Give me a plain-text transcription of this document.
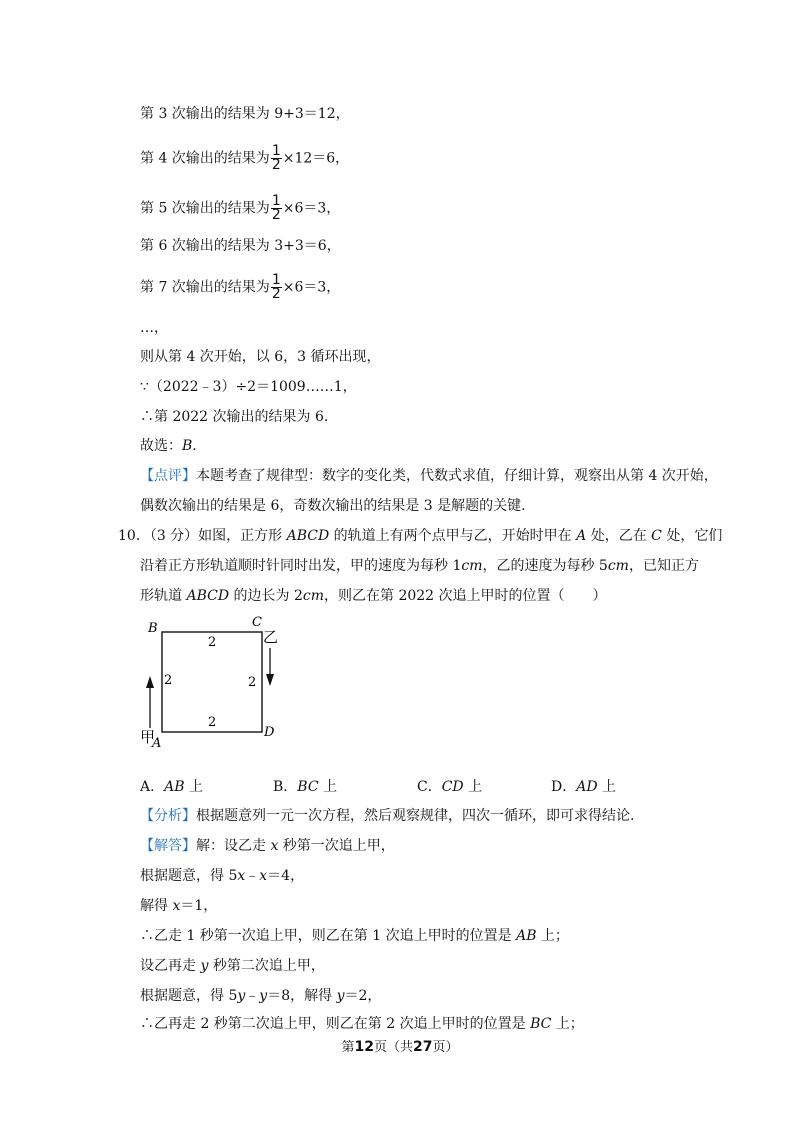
第 3 次输出的结果为 9+3＝12，
第 4 次输出的结果为 $\frac{1}{2} \times 12=6$，
第 5 次输出的结果为 $\frac{1}{2} \times 6=3$，
第 6 次输出的结果为 3+3＝6，
第 7 次输出的结果为 $\frac{1}{2} \times 6=3$，
…，
则从第 4 次开始，以 6，3 循环出现，
∵（2022﹣3）÷2＝1009……1，
∴第 2022 次输出的结果为 6.
故选：B.
【点评】本题考查了规律型：数字的变化类，代数式求值，仔细计算，观察出从第 4 次开始，
偶数次输出的结果是 6，奇数次输出的结果是 3 是解题的关键.
10．（3 分）如图，正方形 ABCD 的轨道上有两个点甲与乙，开始时甲在 A 处，乙在 C 处，它们
沿着正方形轨道顺时针同时出发，甲的速度为每秒 1cm，乙的速度为每秒 5cm，已知正方
形轨道 ABCD 的边长为 2cm，则乙在第 2022 次追上甲时的位置（　　）
B	C
A
D
2
2	2
2
乙
甲
A．AB 上	B．BC 上	C．CD 上	D．AD 上
【分析】根据题意列一元一次方程，然后观察规律，四次一循环，即可求得结论.
【解答】解：设乙走 x 秒第一次追上甲，
根据题意，得 5x﹣x＝4，
解得 x＝1，
∴乙走 1 秒第一次追上甲，则乙在第 1 次追上甲时的位置是 AB 上；
设乙再走 y 秒第二次追上甲，
根据题意，得 5y﹣y＝8，解得 y＝2，
∴乙再走 2 秒第二次追上甲，则乙在第 2 次追上甲时的位置是 BC 上；
第12页（共27页）
